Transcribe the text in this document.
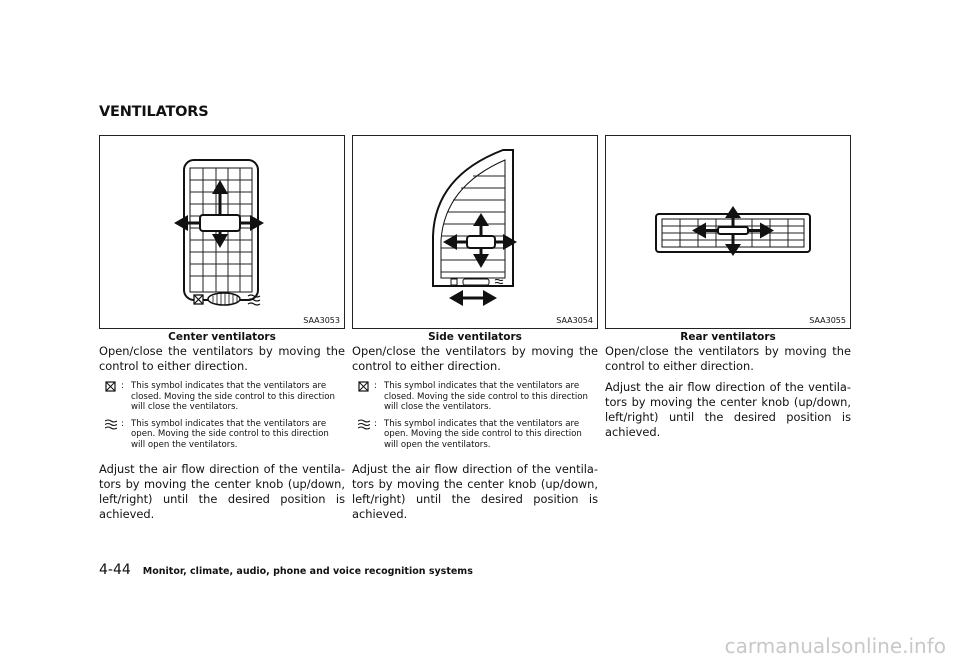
VENTILATORS
SAA3053
Center ventilators

Open/close the ventilators by moving the control to either direction.

: This symbol indicates that the ventilators are closed. Moving the side control to this direction will close the ventilators.
: This symbol indicates that the ventilators are open. Moving the side control to this direction will open the ventilators.

Adjust the air flow direction of the ventila-tors by moving the center knob (up/down, left/right) until the desired position is achieved.

SAA3054
Side ventilators

Open/close the ventilators by moving the control to either direction.

: This symbol indicates that the ventilators are closed. Moving the side control to this direction will close the ventilators.
: This symbol indicates that the ventilators are open. Moving the side control to this direction will open the ventilators.

Adjust the air flow direction of the ventila-tors by moving the center knob (up/down, left/right) until the desired position is achieved.

SAA3055
Rear ventilators

Open/close the ventilators by moving the control to either direction.

Adjust the air flow direction of the ventila-tors by moving the center knob (up/down, left/right) until the desired position is achieved.

4-44 Monitor, climate, audio, phone and voice recognition systems
carmanualsonline.info
